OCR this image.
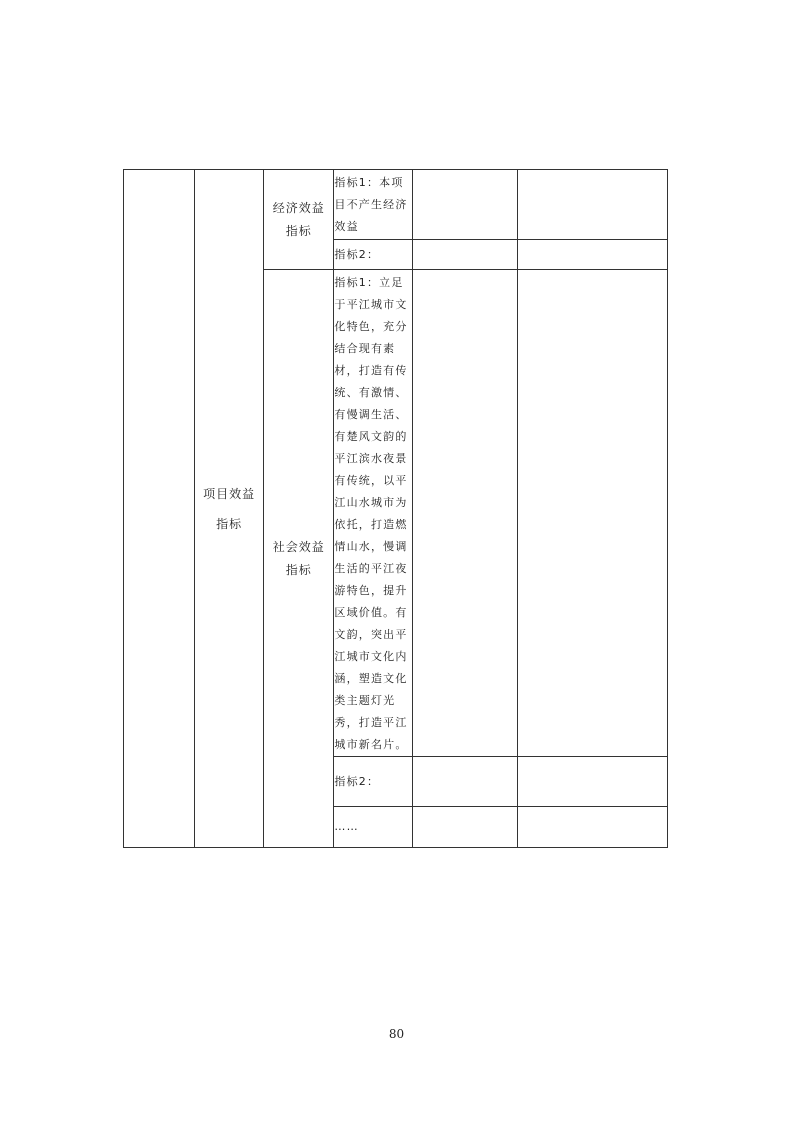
	项目效益指标	经济效益指标	指标1：本项目不产生经济效益		
			指标2：		

		社会效益指标	指标1：立足于平江城市文化特色，充分结合现有素材，打造有传统、有激情、有慢调生活、有楚风文韵的平江滨水夜景有传统，以平江山水城市为依托，打造燃情山水，慢调生活的平江夜游特色，提升区域价值。有文韵，突出平江城市文化内涵，塑造文化类主题灯光秀，打造平江城市新名片。		
			指标2：		
			……		
80
